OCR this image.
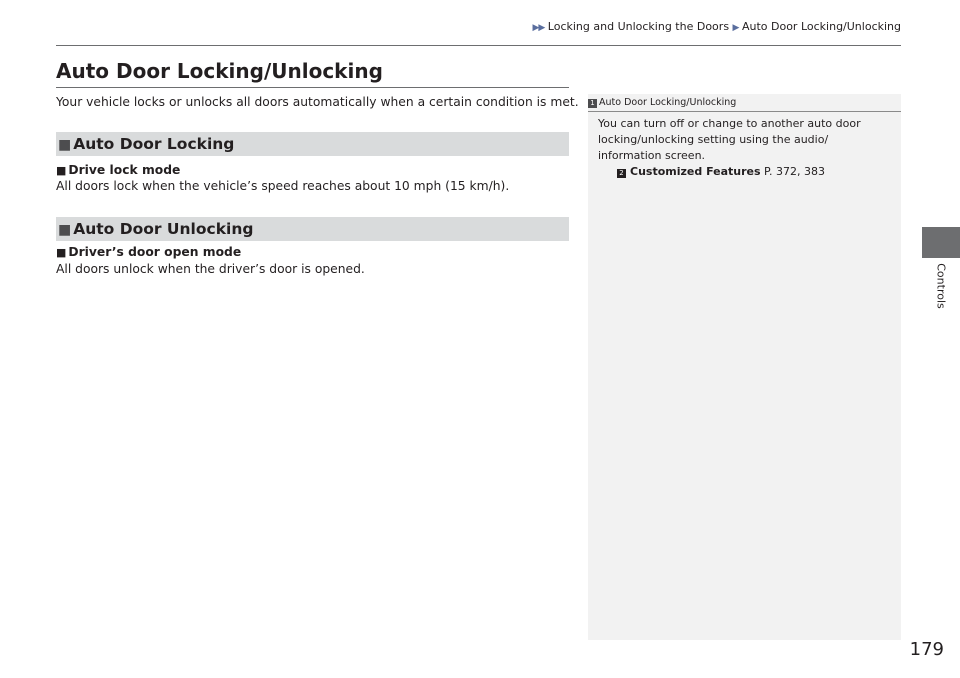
▶▶ Locking and Unlocking the Doors ▶ Auto Door Locking/Unlocking
Auto Door Locking/Unlocking
Your vehicle locks or unlocks all doors automatically when a certain condition is met.
■ Auto Door Locking
■ Drive lock mode
All doors lock when the vehicle’s speed reaches about 10 mph (15 km/h).
■ Auto Door Unlocking
■ Driver’s door open mode
All doors unlock when the driver’s door is opened.
1 Auto Door Locking/Unlocking
You can turn off or change to another auto door
locking/unlocking setting using the audio/
information screen.
2 Customized Features P. 372, 383
Controls
179
